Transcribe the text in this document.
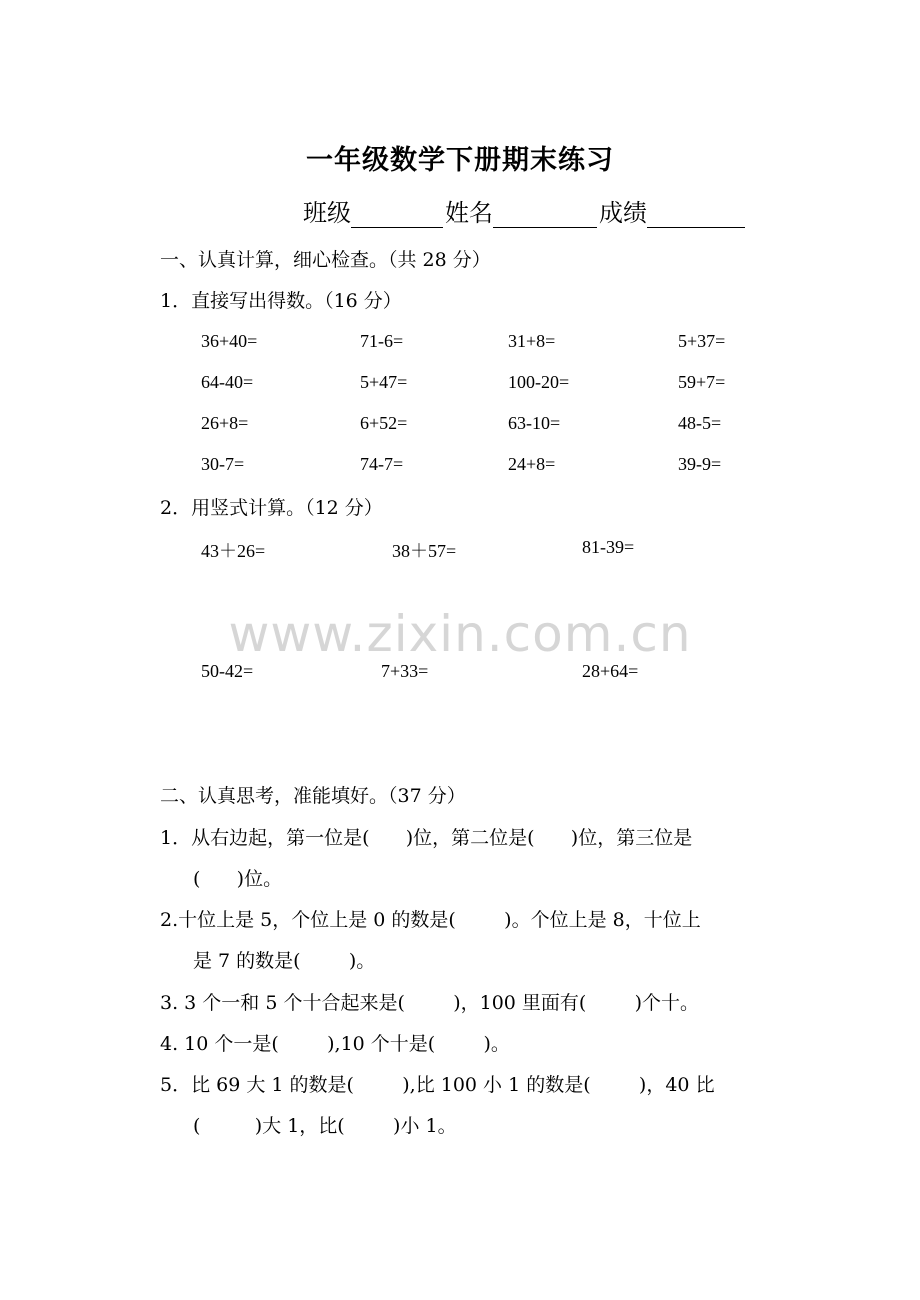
一年级数学下册期末练习
班级	姓名	成绩
一、认真计算，细心检查。（共 28 分）
1．直接写出得数。（16 分）
36+40=	71-6=	31+8=	5+37=
64-40=	5+47=	100-20=	59+7=
26+8=	6+52=	63-10=	48-5=
30-7=	74-7=	24+8=	39-9=
2．用竖式计算。（12 分）
43＋26=	38＋57=	81-39=
www.zixin.com.cn
50-42=	7+33=	28+64=
二、认真思考，准能填好。（37 分）
1．从右边起，第一位是(      )位，第二位是(      )位，第三位是
(      )位。
2.十位上是 5，个位上是 0 的数是(        )。个位上是 8，十位上
是 7 的数是(        )。
3. 3 个一和 5 个十合起来是(        )，100 里面有(        )个十。
4. 10 个一是(        ),10 个十是(        )。
5．比 69 大 1 的数是(        ),比 100 小 1 的数是(        )，40 比
(         )大 1，比(        )小 1。
